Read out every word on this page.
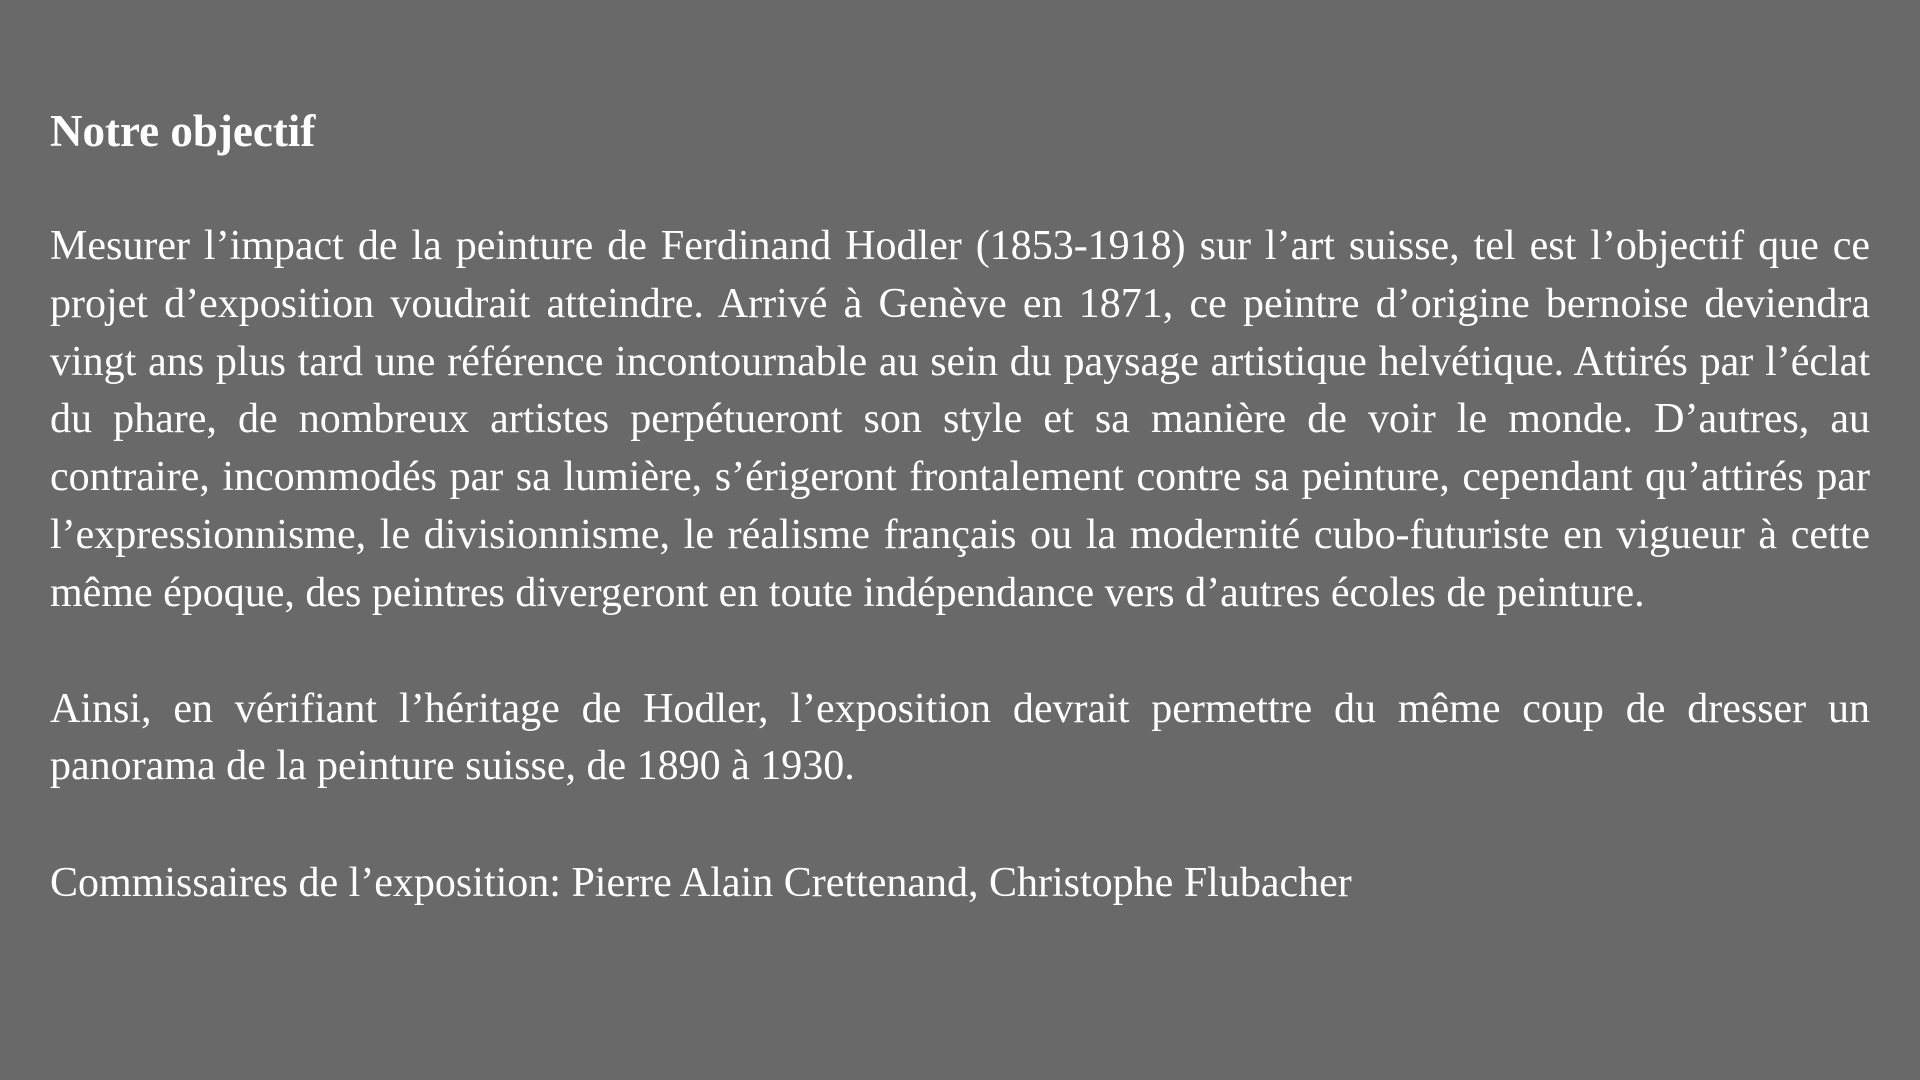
Notre objectif

Mesurer l’impact de la peinture de Ferdinand Hodler (1853-1918) sur l’art suisse, tel est l’objectif que ce projet d’exposition voudrait atteindre. Arrivé à Genève en 1871, ce peintre d’origine bernoise deviendra vingt ans plus tard une référence incontournable au sein du paysage artistique helvétique. Attirés par l’éclat du phare, de nombreux artistes perpétueront son style et sa manière de voir le monde. D’autres, au contraire, incommodés par sa lumière, s’érigeront frontalement contre sa peinture, cependant qu’attirés par l’expressionnisme, le divisionnisme, le réalisme français ou la modernité cubo-futuriste en vigueur à cette même époque, des peintres divergeront en toute indépendance vers d’autres écoles de peinture.

Ainsi, en vérifiant l’héritage de Hodler, l’exposition devrait permettre du même coup de dresser un panorama de la peinture suisse, de 1890 à 1930.

Commissaires de l’exposition: Pierre Alain Crettenand, Christophe Flubacher
